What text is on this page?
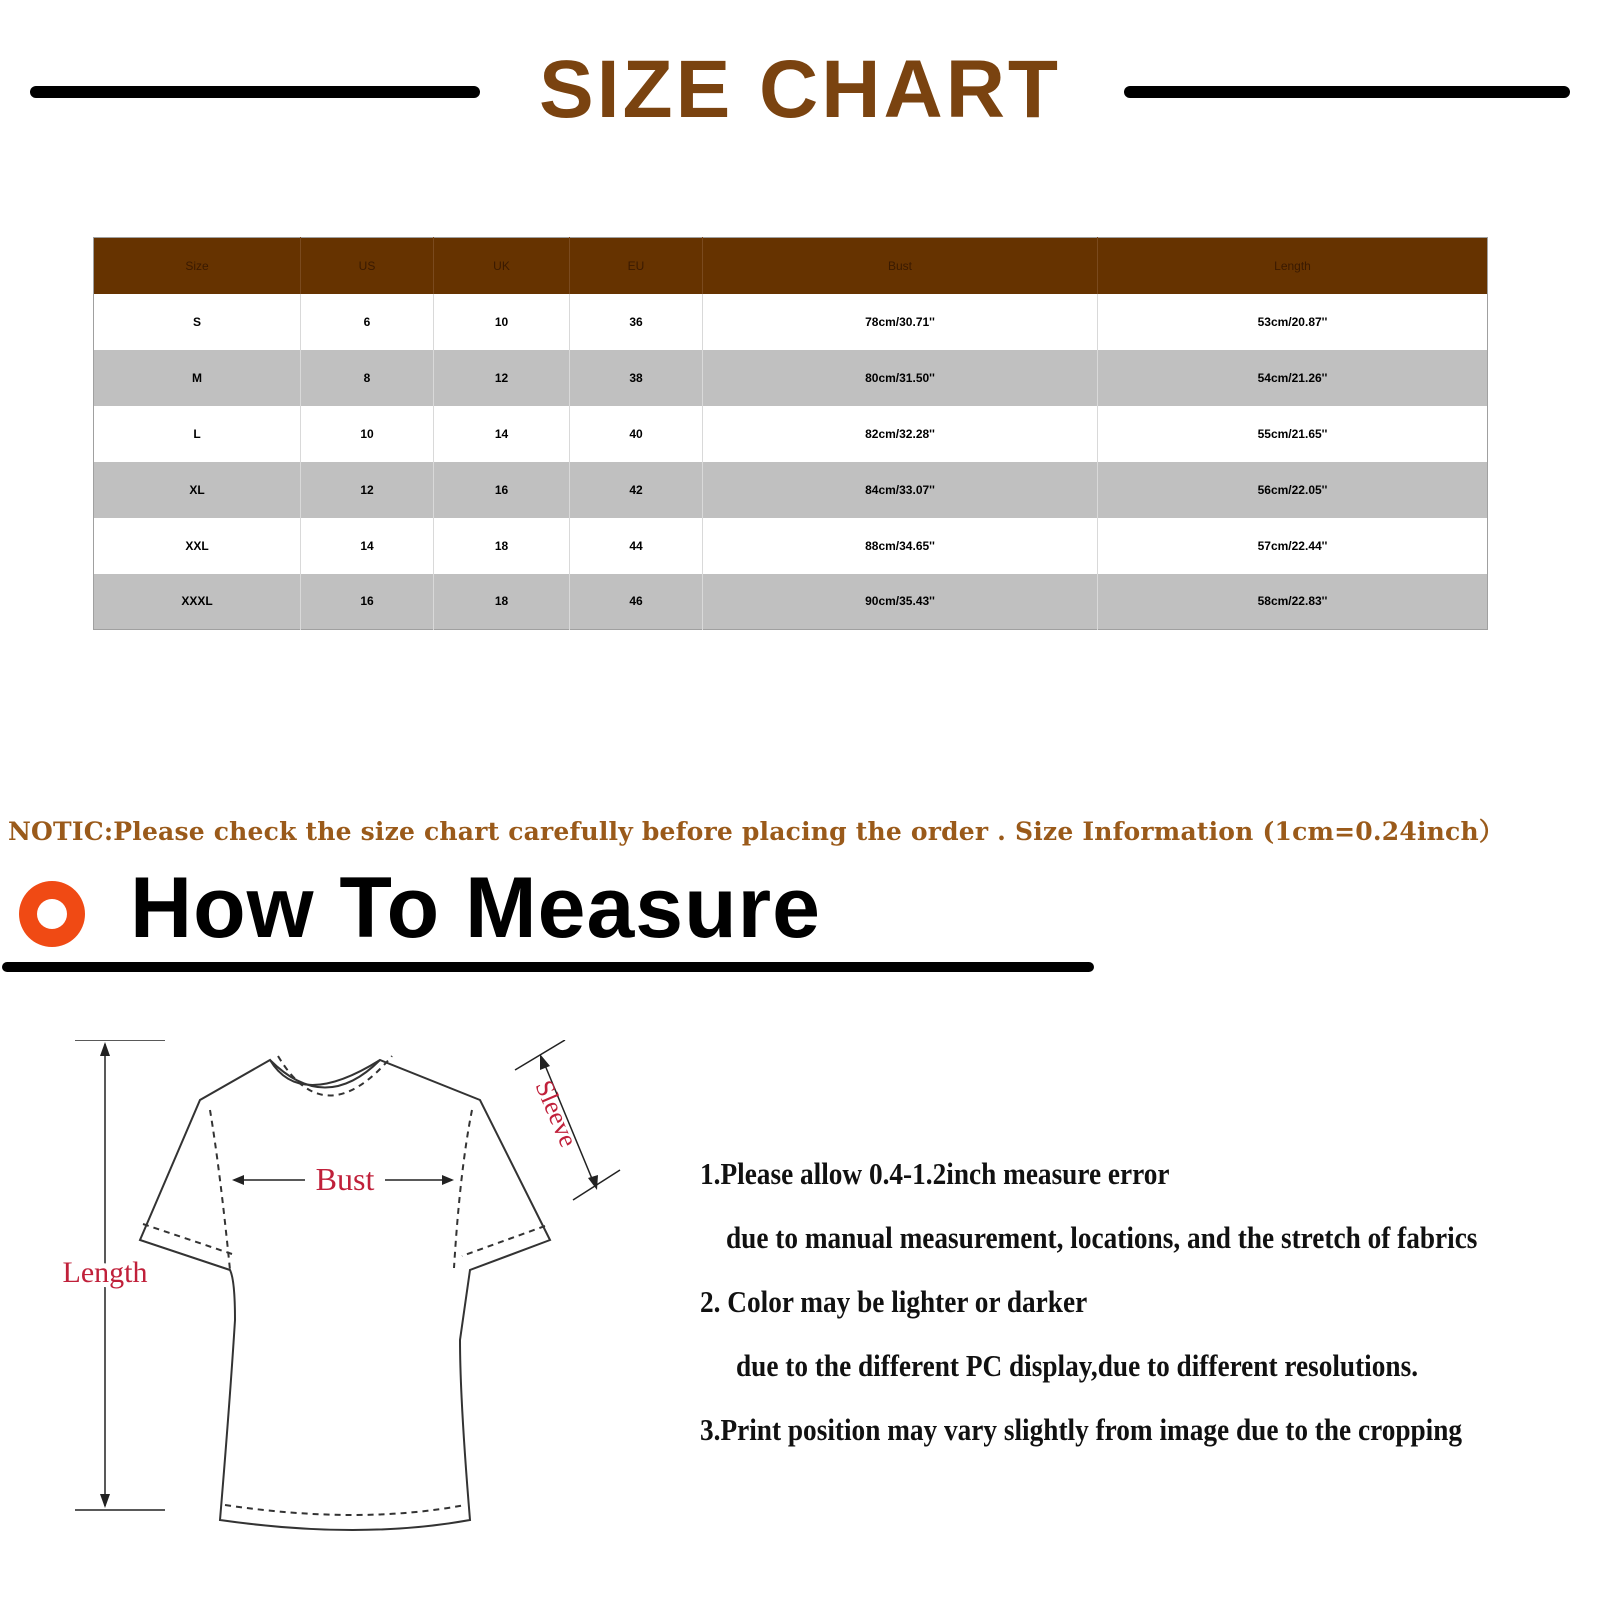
SIZE CHART
Size	US	UK	EU	Bust	Length
S	6	10	36	78cm/30.71''	53cm/20.87''
M	8	12	38	80cm/31.50''	54cm/21.26''
L	10	14	40	82cm/32.28''	55cm/21.65''
XL	12	16	42	84cm/33.07''	56cm/22.05''
XXL	14	18	44	88cm/34.65''	57cm/22.44''
XXXL	16	18	46	90cm/35.43''	58cm/22.83''
NOTIC:Please check the size chart carefully before placing the order . Size Information (1cm=0.24inch）
How To Measure
Bust
Length
Sleeve
1.Please allow 0.4-1.2inch measure error
due to manual measurement, locations, and the stretch of fabrics
2. Color may be lighter or darker
due to the different PC display,due to different resolutions.
3.Print position may vary slightly from image due to the cropping
